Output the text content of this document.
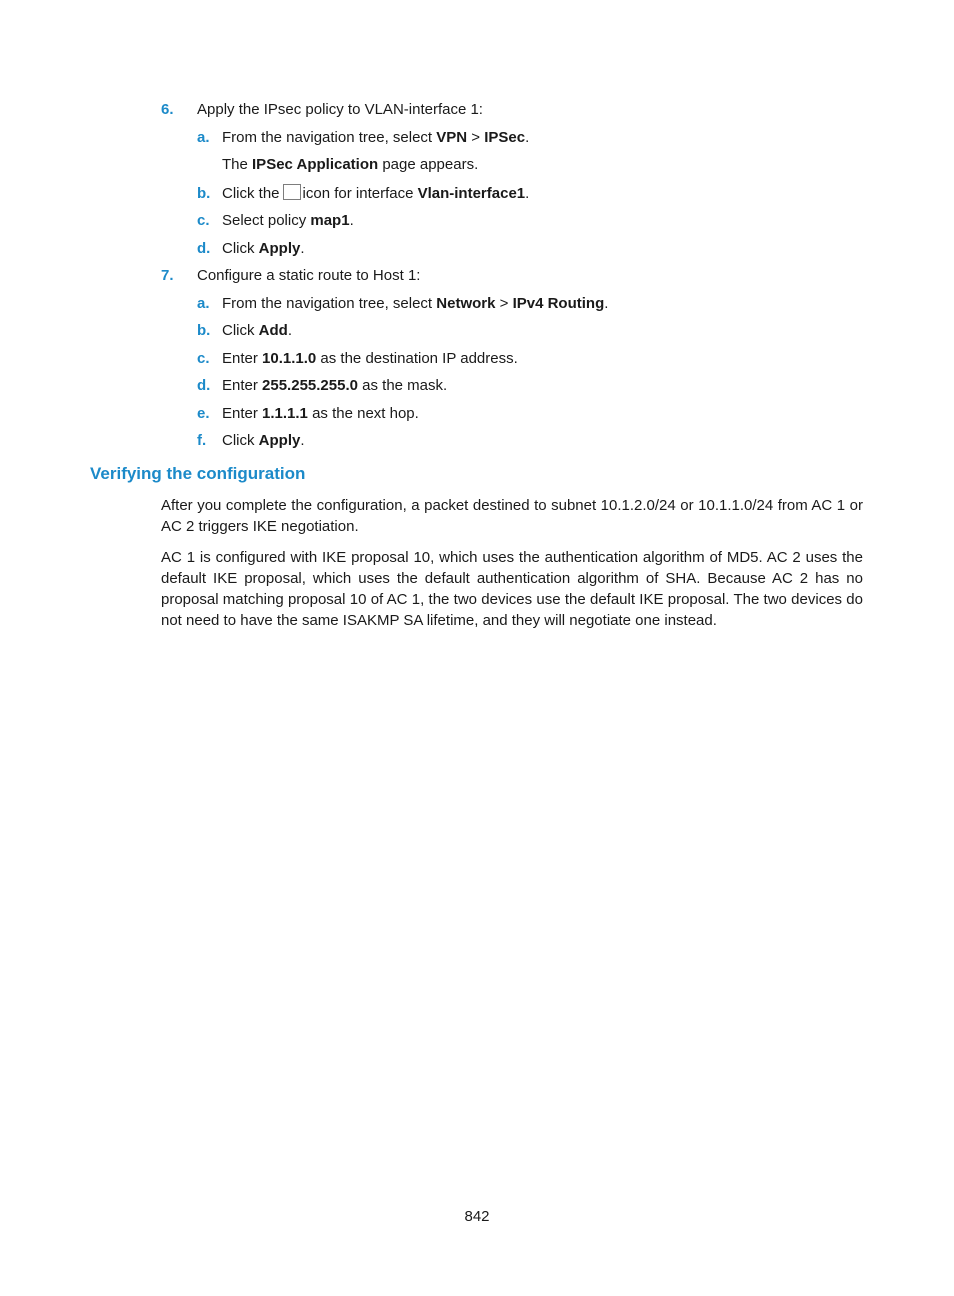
6. Apply the IPsec policy to VLAN-interface 1:
a. From the navigation tree, select VPN > IPSec.
The IPSec Application page appears.
b. Click the icon for interface Vlan-interface1.
c. Select policy map1.
d. Click Apply.
7. Configure a static route to Host 1:
a. From the navigation tree, select Network > IPv4 Routing.
b. Click Add.
c. Enter 10.1.1.0 as the destination IP address.
d. Enter 255.255.255.0 as the mask.
e. Enter 1.1.1.1 as the next hop.
f. Click Apply.
Verifying the configuration
After you complete the configuration, a packet destined to subnet 10.1.2.0/24 or 10.1.1.0/24 from AC 1 or AC 2 triggers IKE negotiation.
AC 1 is configured with IKE proposal 10, which uses the authentication algorithm of MD5. AC 2 uses the default IKE proposal, which uses the default authentication algorithm of SHA. Because AC 2 has no proposal matching proposal 10 of AC 1, the two devices use the default IKE proposal. The two devices do not need to have the same ISAKMP SA lifetime, and they will negotiate one instead.
842
